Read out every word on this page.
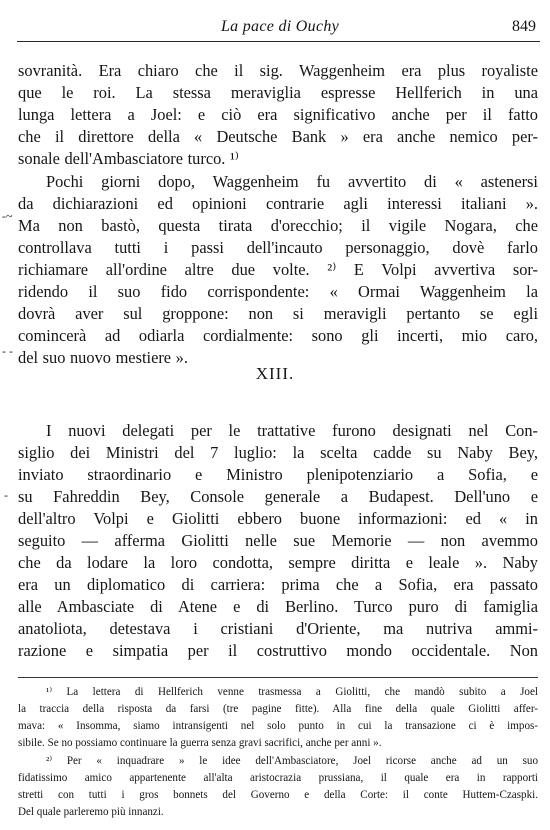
La pace di Ouchy	849
-~
- -
-
sovranità. Era chiaro che il sig. Waggenheim era plus royaliste
que le roi. La stessa meraviglia espresse Hellferich in una
lunga lettera a Joel: e ciò era significativo anche per il fatto
che il direttore della « Deutsche Bank » era anche nemico per-
sonale dell'Ambasciatore turco. ¹⁾
Pochi giorni dopo, Waggenheim fu avvertito di « astenersi
da dichiarazioni ed opinioni contrarie agli interessi italiani ».
Ma non bastò, questa tirata d'orecchio; il vigile Nogara, che
controllava tutti i passi dell'incauto personaggio, dovè farlo
richiamare all'ordine altre due volte. ²⁾ E Volpi avvertiva sor-
ridendo il suo fido corrispondente: « Ormai Waggenheim la
dovrà aver sul groppone: non si meravigli pertanto se egli
comincerà ad odiarla cordialmente: sono gli incerti, mio caro,
del suo nuovo mestiere ».
XIII.
I nuovi delegati per le trattative furono designati nel Con-
siglio dei Ministri del 7 luglio: la scelta cadde su Naby Bey,
inviato straordinario e Ministro plenipotenziario a Sofia, e
su Fahreddin Bey, Console generale a Budapest. Dell'uno e
dell'altro Volpi e Giolitti ebbero buone informazioni: ed « in
seguito — afferma Giolitti nelle sue Memorie — non avemmo
che da lodare la loro condotta, sempre diritta e leale ». Naby
era un diplomatico di carriera: prima che a Sofia, era passato
alle Ambasciate di Atene e di Berlino. Turco puro di famiglia
anatoliota, detestava i cristiani d'Oriente, ma nutriva ammi-
razione e simpatia per il costruttivo mondo occidentale. Non
¹⁾ La lettera di Hellferich venne trasmessa a Giolitti, che mandò subito a Joel
la traccia della risposta da farsi (tre pagine fitte). Alla fine della quale Giolitti affer-
mava: « Insomma, siamo intransigenti nel solo punto in cui la transazione ci è impos-
sibile. Se no possiamo continuare la guerra senza gravi sacrifici, anche per anni ».
²⁾ Per « inquadrare » le idee dell'Ambasciatore, Joel ricorse anche ad un suo
fidatissimo amico appartenente all'alta aristocrazia prussiana, il quale era in rapporti
stretti con tutti i gros bonnets del Governo e della Corte: il conte Huttem-Czaspki.
Del quale parleremo più innanzi.
